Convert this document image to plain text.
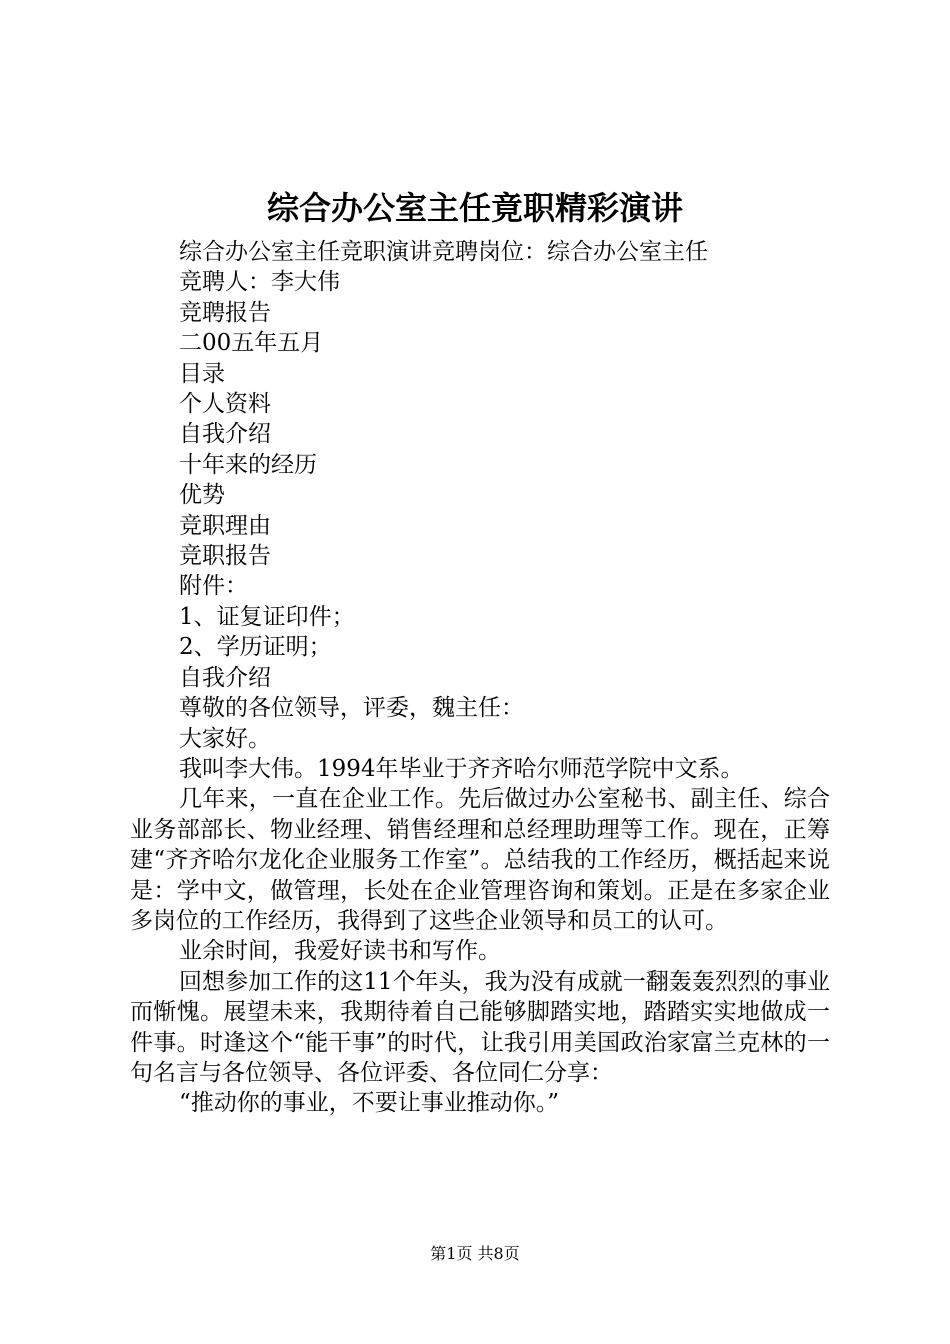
综合办公室主任竟职精彩演讲

综合办公室主任竞职演讲竞聘岗位：综合办公室主任

竞聘人：李大伟

竞聘报告

二00五年五月

目录

个人资料

自我介绍

十年来的经历

优势

竞职理由

竞职报告

附件：

1、证复证印件；

2、学历证明；

自我介绍

尊敬的各位领导，评委，魏主任：

大家好。

我叫李大伟。1994年毕业于齐齐哈尔师范学院中文系。

几年来，一直在企业工作。先后做过办公室秘书、副主任、综合业务部部长、物业经理、销售经理和总经理助理等工作。现在，正筹建“齐齐哈尔龙化企业服务工作室”。总结我的工作经历，概括起来说是：学中文，做管理，长处在企业管理咨询和策划。正是在多家企业多岗位的工作经历，我得到了这些企业领导和员工的认可。

业余时间，我爱好读书和写作。

回想参加工作的这11个年头，我为没有成就一翻轰轰烈烈的事业而惭愧。展望未来，我期待着自己能够脚踏实地，踏踏实实地做成一件事。时逢这个“能干事”的时代，让我引用美国政治家富兰克林的一句名言与各位领导、各位评委、各位同仁分享：

“推动你的事业，不要让事业推动你。”

第1页 共8页
